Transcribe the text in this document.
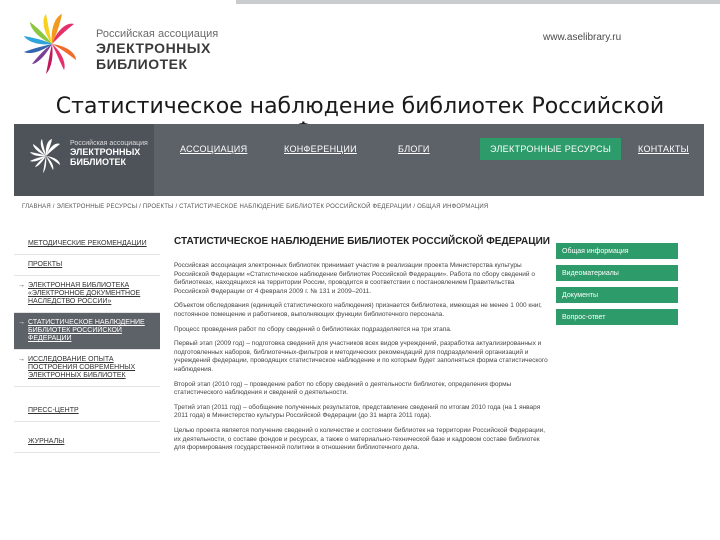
Российская ассоциация
ЭЛЕКТРОННЫХ
БИБЛИОТЕК
www.aselibrary.ru
Статистическое наблюдение библиотек Российской
Российская ассоциация
ЭЛЕКТРОННЫХ
БИБЛИОТЕК
АССОЦИАЦИЯ	КОНФЕРЕНЦИИ	БЛОГИ	ЭЛЕКТРОННЫЕ РЕСУРСЫ	КОНТАКТЫ
ГЛАВНАЯ / ЭЛЕКТРОННЫЕ РЕСУРСЫ / ПРОЕКТЫ / СТАТИСТИЧЕСКОЕ НАБЛЮДЕНИЕ БИБЛИОТЕК РОССИЙСКОЙ ФЕДЕРАЦИИ / ОБЩАЯ ИНФОРМАЦИЯ
МЕТОДИЧЕСКИЕ РЕКОМЕНДАЦИИ
ПРОЕКТЫ
→ ЭЛЕКТРОННАЯ БИБЛИОТЕКА «ЭЛЕКТРОННОЕ ДОКУМЕНТНОЕ НАСЛЕДСТВО РОССИИ»
→ СТАТИСТИЧЕСКОЕ НАБЛЮДЕНИЕ БИБЛИОТЕК РОССИЙСКОЙ ФЕДЕРАЦИИ
→ ИССЛЕДОВАНИЕ ОПЫТА ПОСТРОЕНИЯ СОВРЕМЕННЫХ ЭЛЕКТРОННЫХ БИБЛИОТЕК
ПРЕСС-ЦЕНТР
ЖУРНАЛЫ
СТАТИСТИЧЕСКОЕ НАБЛЮДЕНИЕ БИБЛИОТЕК РОССИЙСКОЙ ФЕДЕРАЦИИ

Российская ассоциация электронных библиотек принимает участие в реализации проекта Министерства культуры Российской Федерации «Статистическое наблюдение библиотек Российской Федерации». Работа по сбору сведений о библиотеках, находящихся на территории России, проводится в соответствии с постановлением Правительства Российской Федерации от 4 февраля 2009 г. № 131 и 2009–2011.

Объектом обследования (единицей статистического наблюдения) признается библиотека, имеющая не менее 1 000 книг, постоянное помещение и работников, выполняющих функции библиотечного персонала.

Процесс проведения работ по сбору сведений о библиотеках подразделяется на три этапа.

Первый этап (2009 год) – подготовка сведений для участников всех видов учреждений, разработка актуализированных и подготовленных наборов, библиотечных-фильтров и методических рекомендаций для подразделений организаций и учреждений федерации, проводящих статистическое наблюдение и по которым будет заполняться форма статистического наблюдения.

Второй этап (2010 год) – проведение работ по сбору сведений о деятельности библиотек, определения формы статистического наблюдения и сведений о деятельности.

Третий этап (2011 год) – обобщение полученных результатов, представление сведений по итогам 2010 года (на 1 января 2011 года) в Министерство культуры Российской Федерации (до 31 марта 2011 года).

Целью проекта является получение сведений о количестве и состоянии библиотек на территории Российской Федерации, их деятельности, о составе фондов и ресурсах, а также о материально-технической базе и кадровом составе библиотек для формирования государственной политики в отношении библиотечного дела.

Общая информация
Видеоматериалы
Документы
Вопрос-ответ
